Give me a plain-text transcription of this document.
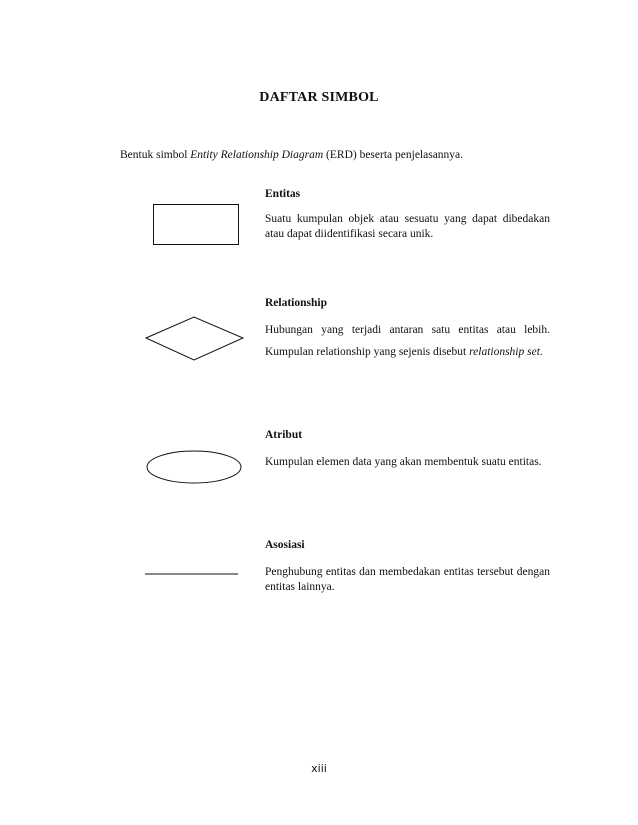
DAFTAR SIMBOL
Bentuk simbol Entity Relationship Diagram (ERD) beserta penjelasannya.
Entitas
Suatu kumpulan objek atau sesuatu yang dapat dibedakan atau dapat diidentifikasi secara unik.
Relationship
Hubungan yang terjadi antaran satu entitas atau lebih. Kumpulan relationship yang sejenis disebut relationship set.
Atribut
Kumpulan elemen data yang akan membentuk suatu entitas.
Asosiasi
Penghubung entitas dan membedakan entitas tersebut dengan entitas lainnya.
xiii
